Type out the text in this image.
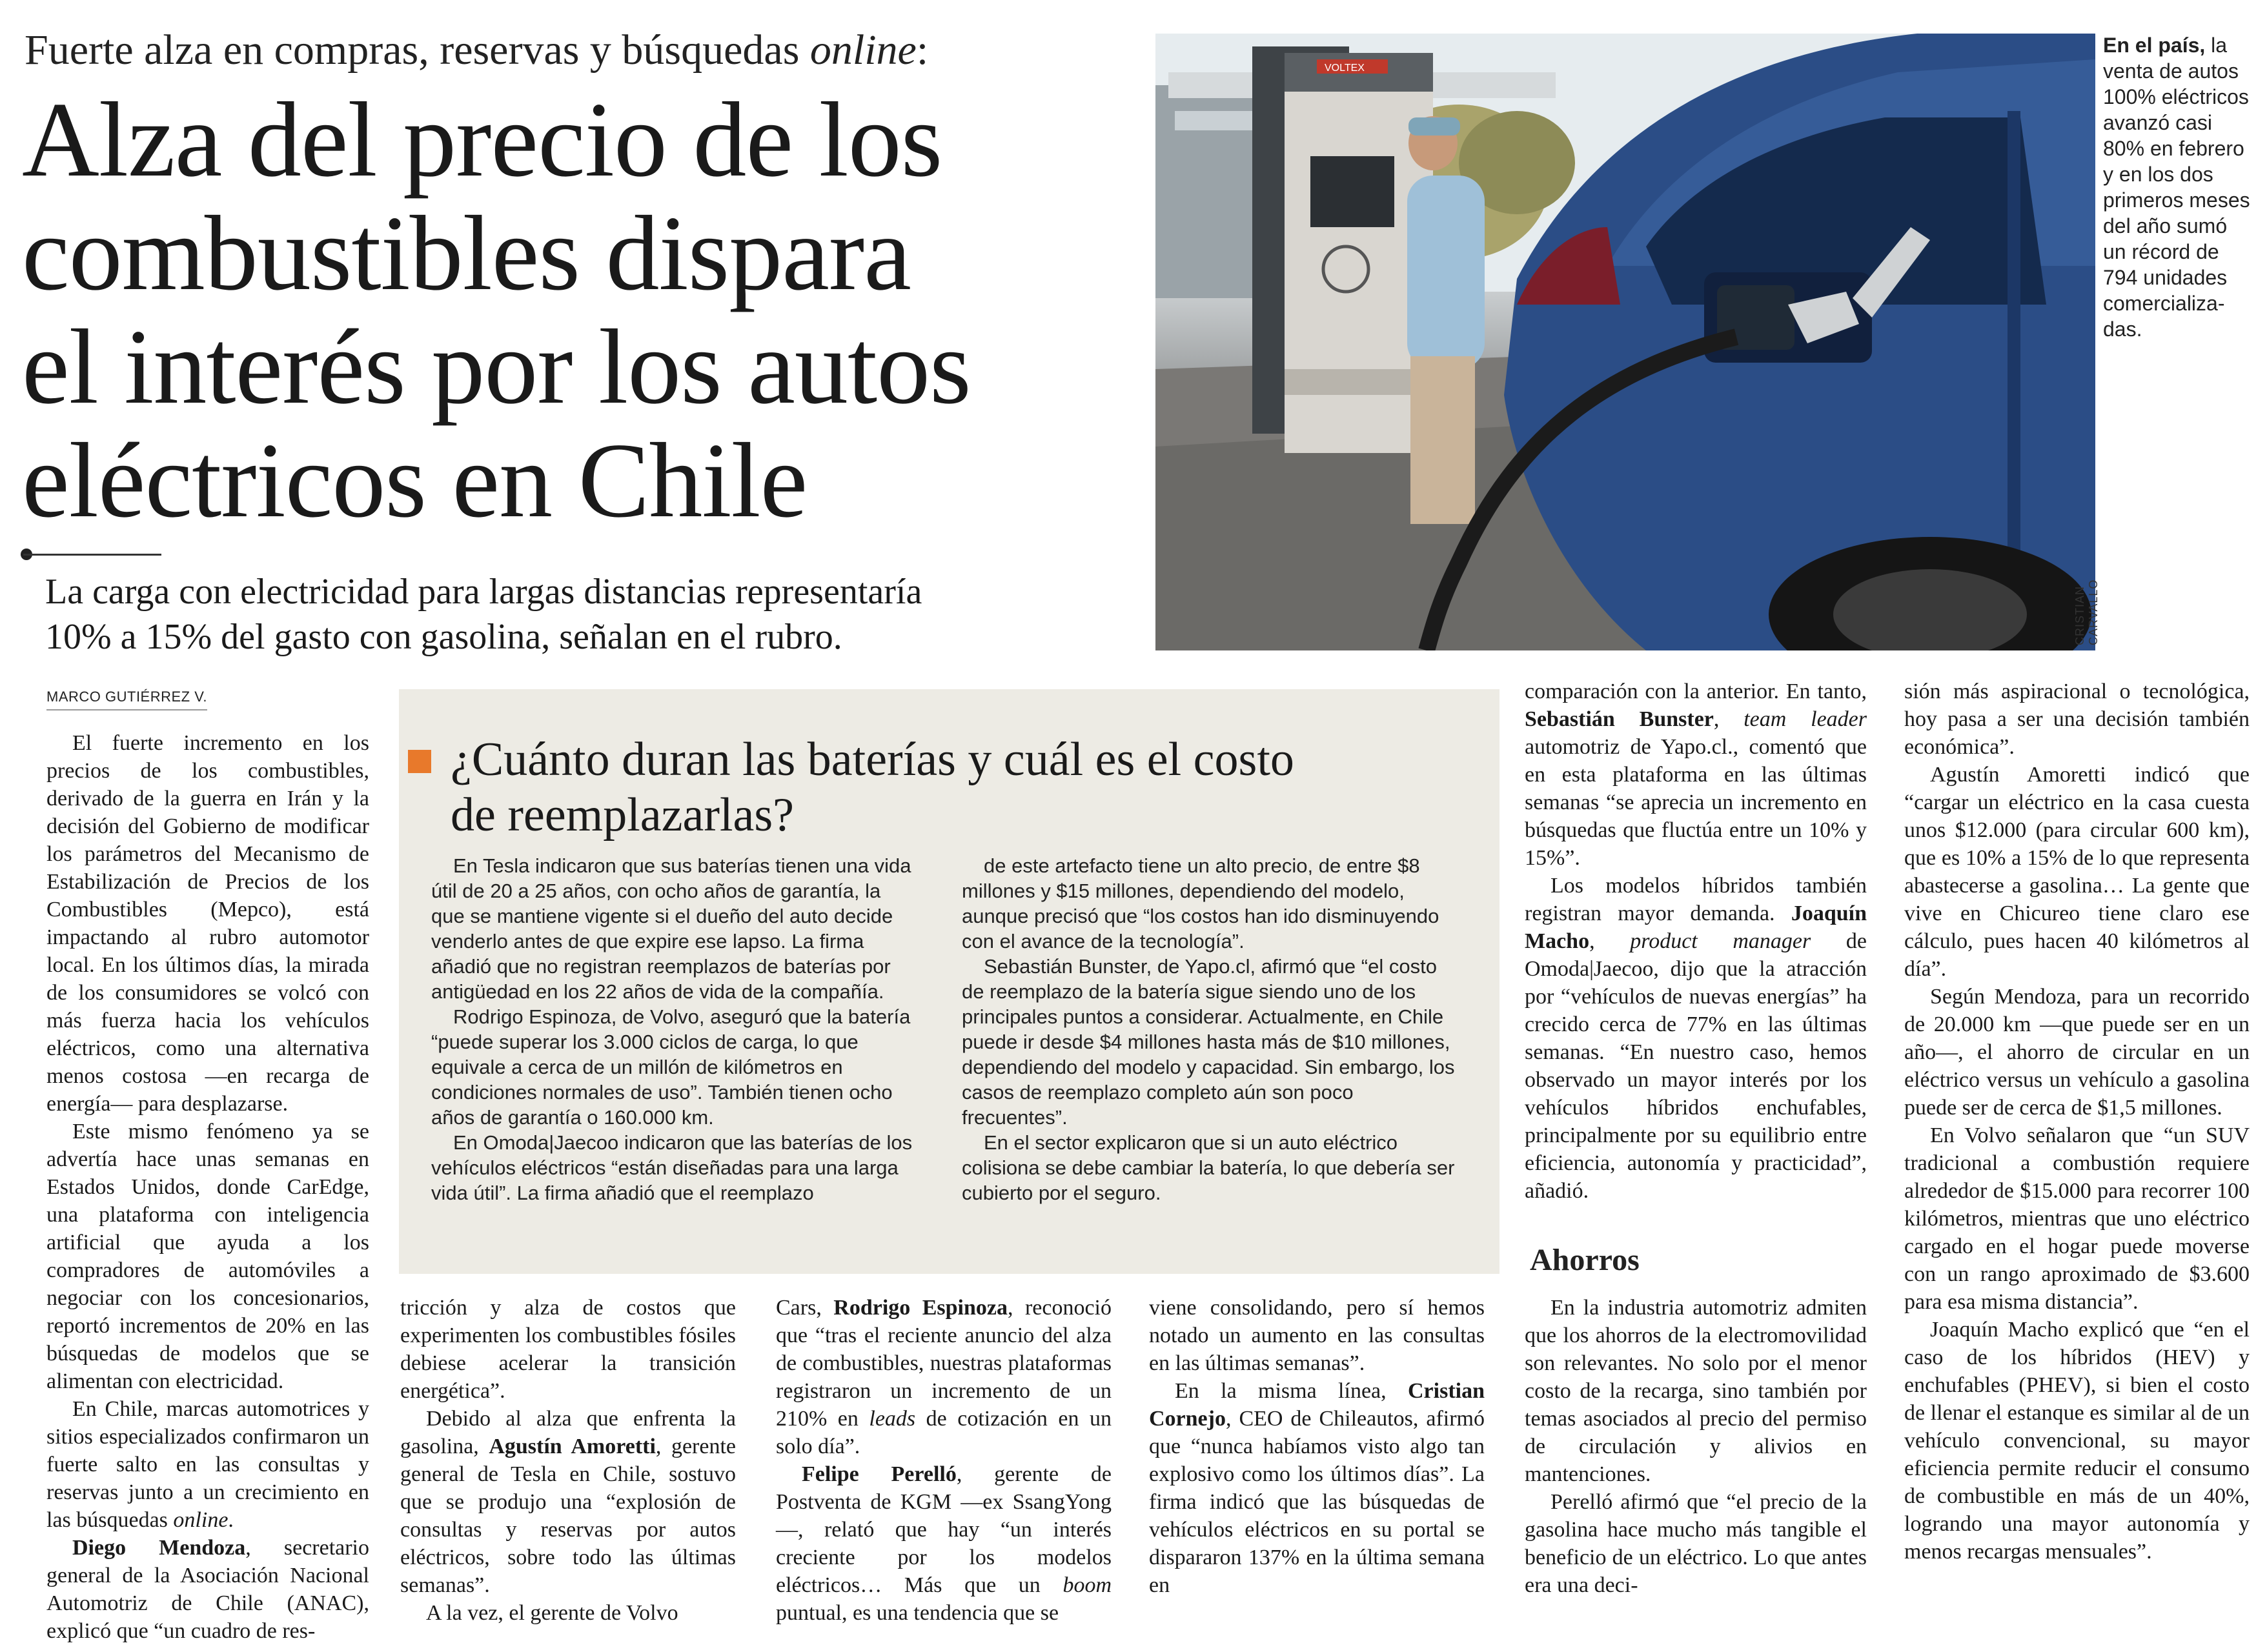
Fuerte alza en compras, reservas y búsquedas online:
Alza del precio de los
combustibles dispara
el interés por los autos
eléctricos en Chile
La carga con electricidad para largas distancias representaría
10% a 15% del gasto con gasolina, señalan en el rubro.
VOLTEX
CRISTIAN CARVALLO
En el país, la
venta de autos
100% eléctricos
avanzó casi
80% en febrero
y en los dos
primeros meses
del año sumó
un récord de
794 unidades
comercializa-
das.
MARCO GUTIÉRREZ V.
¿Cuánto duran las baterías y cuál es el costo
de reemplazarlas?

En Tesla indicaron que sus baterías tienen una vida útil de 20 a 25 años, con ocho años de garantía, la que se mantiene vigente si el dueño del auto decide venderlo antes de que expire ese lapso. La firma añadió que no registran reemplazos de baterías por antigüedad en los 22 años de vida de la compañía.

Rodrigo Espinoza, de Volvo, aseguró que la batería “puede superar los 3.000 ciclos de carga, lo que equivale a cerca de un millón de kilómetros en condiciones normales de uso”. También tienen ocho años de garantía o 160.000 km.

En Omoda|Jaecoo indicaron que las baterías de los vehículos eléctricos “están diseñadas para una larga vida útil”. La firma añadió que el reemplazo

de este artefacto tiene un alto precio, de entre $8 millones y $15 millones, dependiendo del modelo, aunque precisó que “los costos han ido disminuyendo con el avance de la tecnología”.

Sebastián Bunster, de Yapo.cl, afirmó que “el costo de reemplazo de la batería sigue siendo uno de los principales puntos a considerar. Actualmente, en Chile puede ir desde $4 millones hasta más de $10 millones, dependiendo del modelo y capacidad. Sin embargo, los casos de reemplazo completo aún son poco frecuentes”.

En el sector explicaron que si un auto eléctrico colisiona se debe cambiar la batería, lo que debería ser cubierto por el seguro.

El fuerte incremento en los precios de los combustibles, derivado de la guerra en Irán y la decisión del Gobierno de modificar los parámetros del Mecanismo de Estabilización de Precios de los Combustibles (Mepco), está impactando al rubro automotor local. En los últimos días, la mirada de los consumidores se volcó con más fuerza hacia los vehículos eléctricos, como una alternativa menos costosa —en recarga de energía— para desplazarse.

Este mismo fenómeno ya se advertía hace unas semanas en Estados Unidos, donde CarEdge, una plataforma con inteligencia artificial que ayuda a los compradores de automóviles a negociar con los concesionarios, reportó incrementos de 20% en las búsquedas de modelos que se alimentan con electricidad.

En Chile, marcas automotrices y sitios especializados confirmaron un fuerte salto en las consultas y reservas junto a un crecimiento en las búsquedas online.

Diego Mendoza, secretario general de la Asociación Nacional Automotriz de Chile (ANAC), explicó que “un cuadro de res-

tricción y alza de costos que experimenten los combustibles fósiles debiese acelerar la transición energética”.

Debido al alza que enfrenta la gasolina, Agustín Amoretti, gerente general de Tesla en Chile, sostuvo que se produjo una “explosión de consultas y reservas por autos eléctricos, sobre todo las últimas semanas”.

A la vez, el gerente de Volvo

Cars, Rodrigo Espinoza, reconoció que “tras el reciente anuncio del alza de combustibles, nuestras plataformas registraron un incremento de un 210% en leads de cotización en un solo día”.

Felipe Perelló, gerente de Postventa de KGM —ex SsangYong—, relató que hay “un interés creciente por los modelos eléctricos… Más que un boom puntual, es una tendencia que se

viene consolidando, pero sí hemos notado un aumento en las consultas en las últimas semanas”.

En la misma línea, Cristian Cornejo, CEO de Chileautos, afirmó que “nunca habíamos visto algo tan explosivo como los últimos días”. La firma indicó que las búsquedas de vehículos eléctricos en su portal se dispararon 137% en la última semana en

comparación con la anterior. En tanto, Sebastián Bunster, team leader automotriz de Yapo.cl., comentó que en esta plataforma en las últimas semanas “se aprecia un incremento en búsquedas que fluctúa entre un 10% y 15%”.

Los modelos híbridos también registran mayor demanda. Joaquín Macho, product manager de Omoda|Jaecoo, dijo que la atracción por “vehículos de nuevas energías” ha crecido cerca de 77% en las últimas semanas. “En nuestro caso, hemos observado un mayor interés por los vehículos híbridos enchufables, principalmente por su equilibrio entre eficiencia, autonomía y practicidad”, añadió.

Ahorros

En la industria automotriz admiten que los ahorros de la electromovilidad son relevantes. No solo por el menor costo de la recarga, sino también por temas asociados al precio del permiso de circulación y alivios en mantenciones.

Perelló afirmó que “el precio de la gasolina hace mucho más tangible el beneficio de un eléctrico. Lo que antes era una deci-

sión más aspiracional o tecnológica, hoy pasa a ser una decisión también económica”.

Agustín Amoretti indicó que “cargar un eléctrico en la casa cuesta unos $12.000 (para circular 600 km), que es 10% a 15% de lo que representa abastecerse a gasolina… La gente que vive en Chicureo tiene claro ese cálculo, pues hacen 40 kilómetros al día”.

Según Mendoza, para un recorrido de 20.000 km —que puede ser en un año—, el ahorro de circular en un eléctrico versus un vehículo a gasolina puede ser de cerca de $1,5 millones.

En Volvo señalaron que “un SUV tradicional a combustión requiere alrededor de $15.000 para recorrer 100 kilómetros, mientras que uno eléctrico cargado en el hogar puede moverse con un rango aproximado de $3.600 para esa misma distancia”.

Joaquín Macho explicó que “en el caso de los híbridos (HEV) y enchufables (PHEV), si bien el costo de llenar el estanque es similar al de un vehículo convencional, su mayor eficiencia permite reducir el consumo de combustible en más de un 40%, logrando una mayor autonomía y menos recargas mensuales”.
